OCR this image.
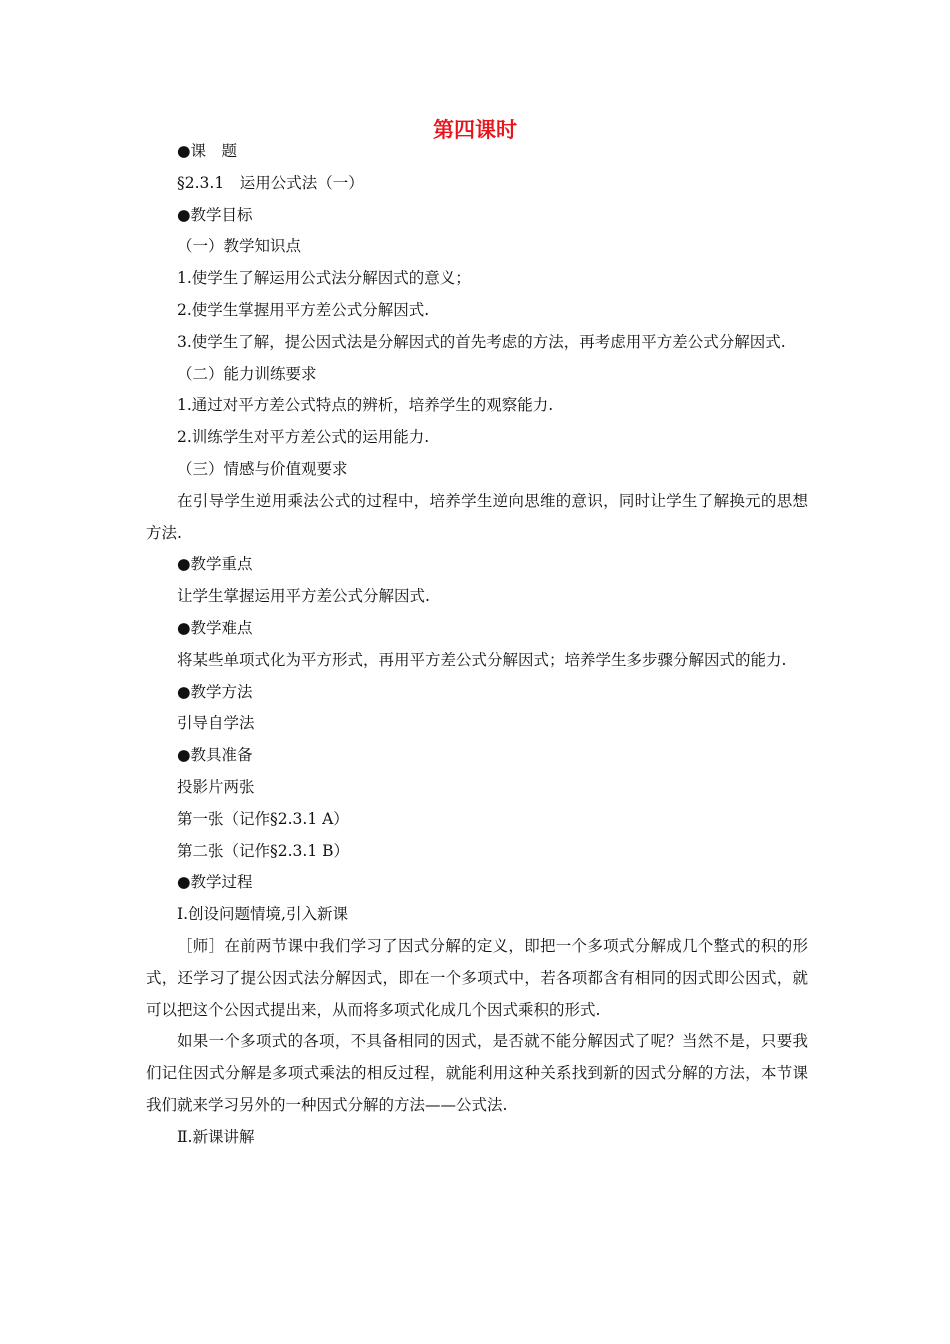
第四课时

●课　题

§2.3.1　运用公式法（一）

●教学目标

（一）教学知识点

1.使学生了解运用公式法分解因式的意义；

2.使学生掌握用平方差公式分解因式.

3.使学生了解，提公因式法是分解因式的首先考虑的方法，再考虑用平方差公式分解因式.

（二）能力训练要求

1.通过对平方差公式特点的辨析，培养学生的观察能力.

2.训练学生对平方差公式的运用能力.

（三）情感与价值观要求

在引导学生逆用乘法公式的过程中，培养学生逆向思维的意识，同时让学生了解换元的思想方法.

●教学重点

让学生掌握运用平方差公式分解因式.

●教学难点

将某些单项式化为平方形式，再用平方差公式分解因式；培养学生多步骤分解因式的能力.

●教学方法

引导自学法

●教具准备

投影片两张

第一张（记作§2.3.1 A）

第二张（记作§2.3.1 B）

●教学过程

Ⅰ.创设问题情境,引入新课

［师］在前两节课中我们学习了因式分解的定义，即把一个多项式分解成几个整式的积的形式，还学习了提公因式法分解因式，即在一个多项式中，若各项都含有相同的因式即公因式，就可以把这个公因式提出来，从而将多项式化成几个因式乘积的形式.

如果一个多项式的各项，不具备相同的因式，是否就不能分解因式了呢？当然不是，只要我们记住因式分解是多项式乘法的相反过程，就能利用这种关系找到新的因式分解的方法，本节课我们就来学习另外的一种因式分解的方法——公式法.

Ⅱ.新课讲解
